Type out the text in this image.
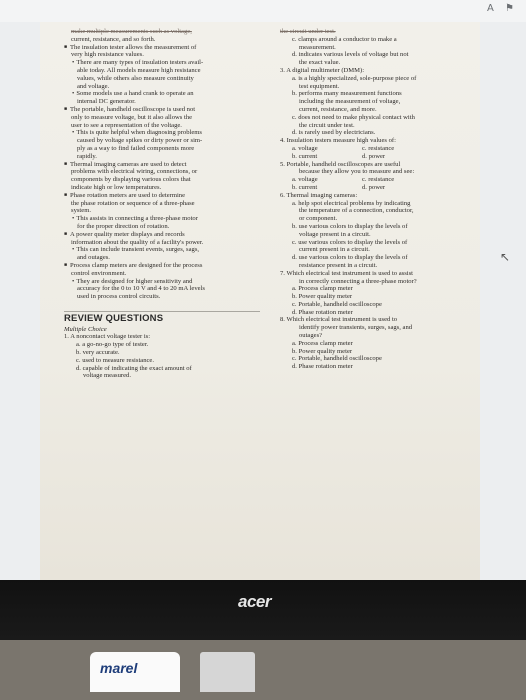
A ⚑
make multiple measurements such as voltage,
current, resistance, and so forth.
■ The insulation tester allows the measurement of
very high resistance values.
• There are many types of insulation testers avail-
able today. All models measure high resistance
values, while others also measure continuity
and voltage.
• Some models use a hand crank to operate an
internal DC generator.
■ The portable, handheld oscilloscope is used not
only to measure voltage, but it also allows the
user to see a representation of the voltage.
• This is quite helpful when diagnosing problems
caused by voltage spikes or dirty power or sim-
ply as a way to find failed components more
rapidly.
■ Thermal imaging cameras are used to detect
problems with electrical wiring, connections, or
components by displaying various colors that
indicate high or low temperatures.
■ Phase rotation meters are used to determine
the phase rotation or sequence of a three-phase
system.
• This assists in connecting a three-phase motor
for the proper direction of rotation.
■ A power quality meter displays and records
information about the quality of a facility's power.
• This can include transient events, surges, sags,
and outages.
■ Process clamp meters are designed for the process
control environment.
• They are designed for higher sensitivity and
accuracy for the 0 to 10 V and 4 to 20 mA levels
used in process control circuits.
REVIEW QUESTIONS
Multiple Choice
1. A noncontact voltage tester is:
a. a go-no-go type of tester.
b. very accurate.
c. used to measure resistance.
d. capable of indicating the exact amount of
voltage measured.
the circuit under test.
c. clamps around a conductor to make a
measurement.
d. indicates various levels of voltage but not
the exact value.
3. A digital multimeter (DMM):
a. is a highly specialized, sole-purpose piece of
test equipment.
b. performs many measurement functions
including the measurement of voltage,
current, resistance, and more.
c. does not need to make physical contact with
the circuit under test.
d. is rarely used by electricians.
4. Insulation testers measure high values of:
a. voltage	c. resistance
b. current	d. power
5. Portable, handheld oscilloscopes are useful
because they allow you to measure and see:
a. voltage	c. resistance
b. current	d. power
6. Thermal imaging cameras:
a. help spot electrical problems by indicating
the temperature of a connection, conductor,
or component.
b. use various colors to display the levels of
voltage present in a circuit.
c. use various colors to display the levels of
current present in a circuit.
d. use various colors to display the levels of
resistance present in a circuit.
7. Which electrical test instrument is used to assist
in correctly connecting a three-phase motor?
a. Process clamp meter
b. Power quality meter
c. Portable, handheld oscilloscope
d. Phase rotation meter
8. Which electrical test instrument is used to
identify power transients, surges, sags, and
outages?
a. Process clamp meter
b. Power quality meter
c. Portable, handheld oscilloscope
d. Phase rotation meter
↖
acer
marel
